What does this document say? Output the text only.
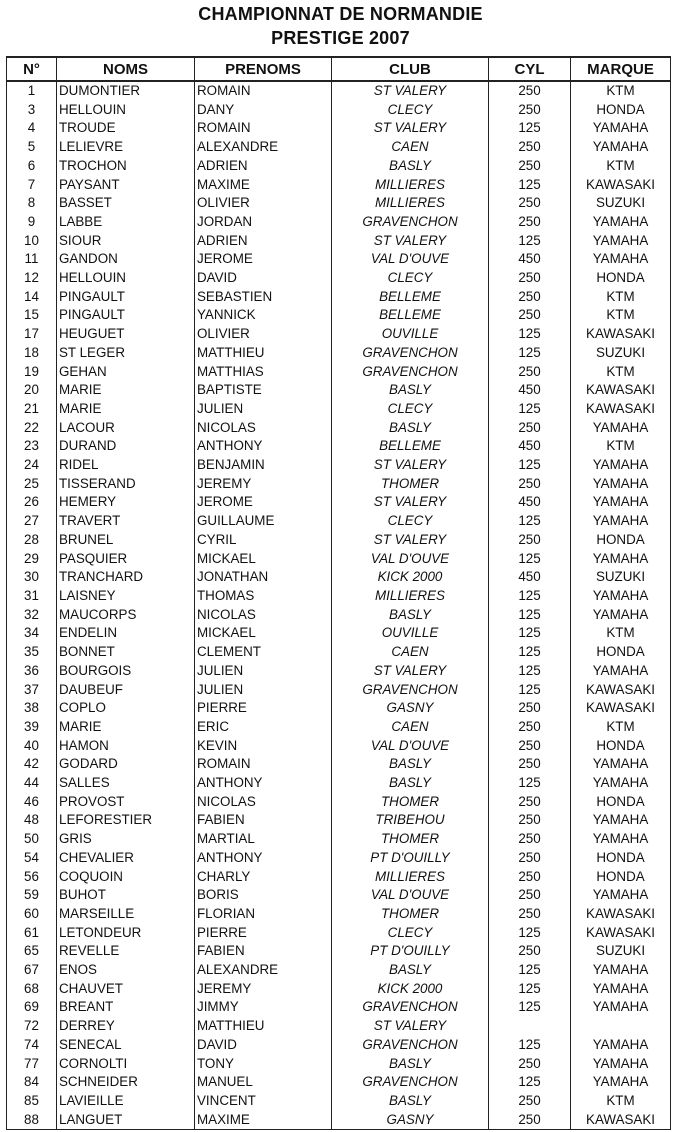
CHAMPIONNAT DE NORMANDIE
PRESTIGE 2007
N°	NOMS	PRENOMS	CLUB	CYL	MARQUE
1	DUMONTIER	ROMAIN	ST VALERY	250	KTM
3	HELLOUIN	DANY	CLECY	250	HONDA
4	TROUDE	ROMAIN	ST VALERY	125	YAMAHA
5	LELIEVRE	ALEXANDRE	CAEN	250	YAMAHA
6	TROCHON	ADRIEN	BASLY	250	KTM
7	PAYSANT	MAXIME	MILLIERES	125	KAWASAKI
8	BASSET	OLIVIER	MILLIERES	250	SUZUKI
9	LABBE	JORDAN	GRAVENCHON	250	YAMAHA
10	SIOUR	ADRIEN	ST VALERY	125	YAMAHA
11	GANDON	JEROME	VAL D'OUVE	450	YAMAHA
12	HELLOUIN	DAVID	CLECY	250	HONDA
14	PINGAULT	SEBASTIEN	BELLEME	250	KTM
15	PINGAULT	YANNICK	BELLEME	250	KTM
17	HEUGUET	OLIVIER	OUVILLE	125	KAWASAKI
18	ST LEGER	MATTHIEU	GRAVENCHON	125	SUZUKI
19	GEHAN	MATTHIAS	GRAVENCHON	250	KTM
20	MARIE	BAPTISTE	BASLY	450	KAWASAKI
21	MARIE	JULIEN	CLECY	125	KAWASAKI
22	LACOUR	NICOLAS	BASLY	250	YAMAHA
23	DURAND	ANTHONY	BELLEME	450	KTM
24	RIDEL	BENJAMIN	ST VALERY	125	YAMAHA
25	TISSERAND	JEREMY	THOMER	250	YAMAHA
26	HEMERY	JEROME	ST VALERY	450	YAMAHA
27	TRAVERT	GUILLAUME	CLECY	125	YAMAHA
28	BRUNEL	CYRIL	ST VALERY	250	HONDA
29	PASQUIER	MICKAEL	VAL D'OUVE	125	YAMAHA
30	TRANCHARD	JONATHAN	KICK 2000	450	SUZUKI
31	LAISNEY	THOMAS	MILLIERES	125	YAMAHA
32	MAUCORPS	NICOLAS	BASLY	125	YAMAHA
34	ENDELIN	MICKAEL	OUVILLE	125	KTM
35	BONNET	CLEMENT	CAEN	125	HONDA
36	BOURGOIS	JULIEN	ST VALERY	125	YAMAHA
37	DAUBEUF	JULIEN	GRAVENCHON	125	KAWASAKI
38	COPLO	PIERRE	GASNY	250	KAWASAKI
39	MARIE	ERIC	CAEN	250	KTM
40	HAMON	KEVIN	VAL D'OUVE	250	HONDA
42	GODARD	ROMAIN	BASLY	250	YAMAHA
44	SALLES	ANTHONY	BASLY	125	YAMAHA
46	PROVOST	NICOLAS	THOMER	250	HONDA
48	LEFORESTIER	FABIEN	TRIBEHOU	250	YAMAHA
50	GRIS	MARTIAL	THOMER	250	YAMAHA
54	CHEVALIER	ANTHONY	PT D'OUILLY	250	HONDA
56	COQUOIN	CHARLY	MILLIERES	250	HONDA
59	BUHOT	BORIS	VAL D'OUVE	250	YAMAHA
60	MARSEILLE	FLORIAN	THOMER	250	KAWASAKI
61	LETONDEUR	PIERRE	CLECY	125	KAWASAKI
65	REVELLE	FABIEN	PT D'OUILLY	250	SUZUKI
67	ENOS	ALEXANDRE	BASLY	125	YAMAHA
68	CHAUVET	JEREMY	KICK 2000	125	YAMAHA
69	BREANT	JIMMY	GRAVENCHON	125	YAMAHA
72	DERREY	MATTHIEU	ST VALERY		
74	SENECAL	DAVID	GRAVENCHON	125	YAMAHA
77	CORNOLTI	TONY	BASLY	250	YAMAHA
84	SCHNEIDER	MANUEL	GRAVENCHON	125	YAMAHA
85	LAVIEILLE	VINCENT	BASLY	250	KTM
88	LANGUET	MAXIME	GASNY	250	KAWASAKI
